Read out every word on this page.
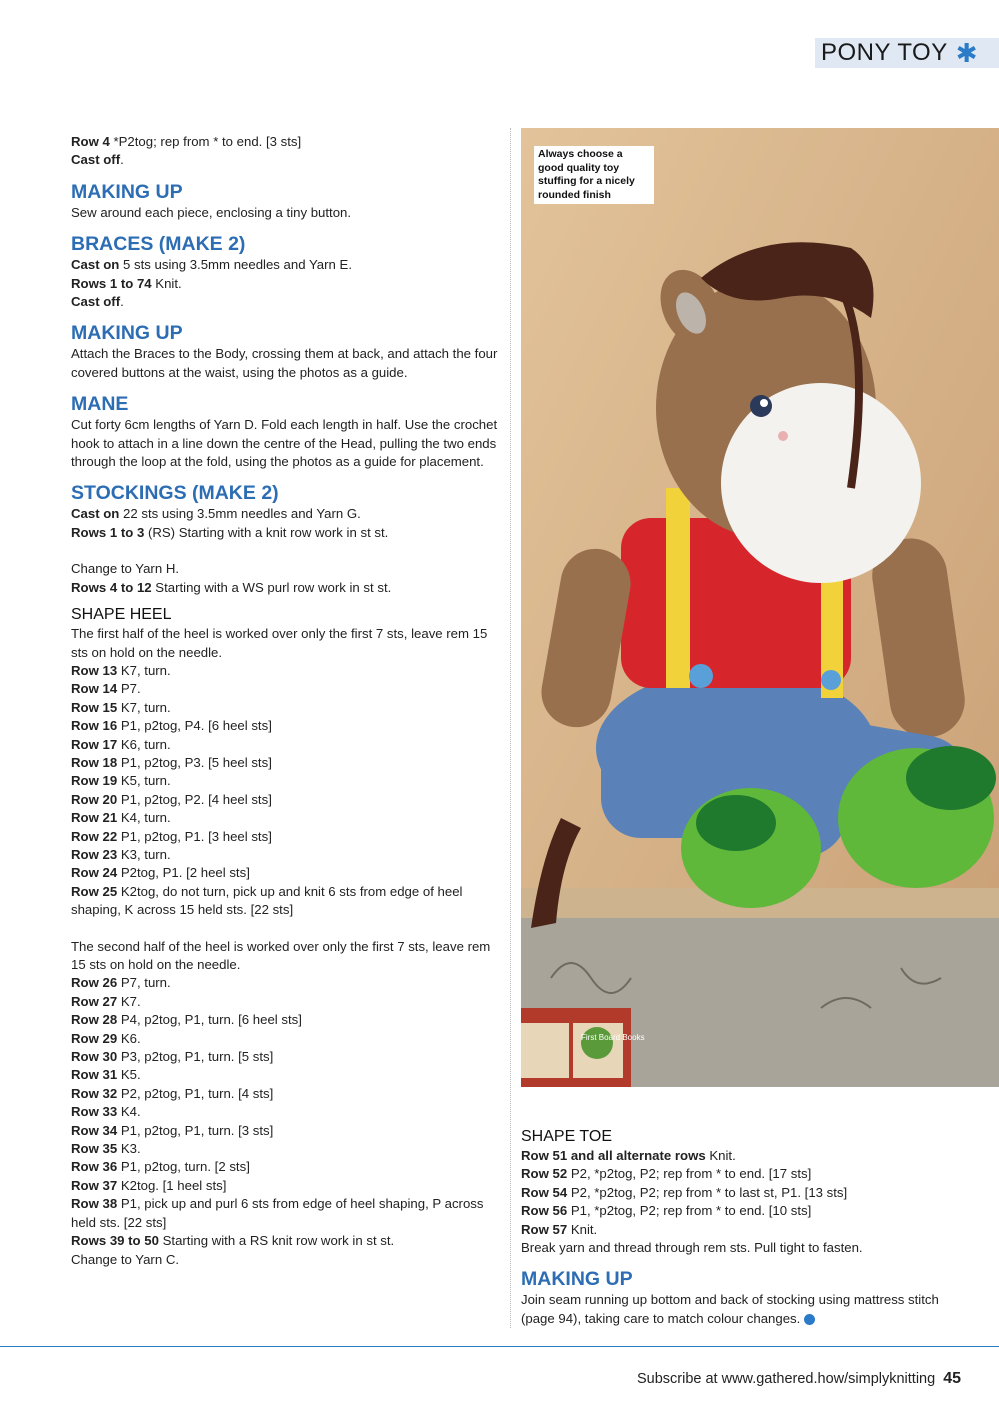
PONY TOY ✱
Row 4 *P2tog; rep from * to end. [3 sts]
Cast off.
MAKING UP
Sew around each piece, enclosing a tiny button.
BRACES (MAKE 2)
Cast on 5 sts using 3.5mm needles and Yarn E.
Rows 1 to 74 Knit.
Cast off.
MAKING UP
Attach the Braces to the Body, crossing them at back, and attach the four covered buttons at the waist, using the photos as a guide.
MANE
Cut forty 6cm lengths of Yarn D. Fold each length in half. Use the crochet hook to attach in a line down the centre of the Head, pulling the two ends through the loop at the fold, using the photos as a guide for placement.
STOCKINGS (MAKE 2)
Cast on 22 sts using 3.5mm needles and Yarn G.
Rows 1 to 3 (RS) Starting with a knit row work in st st.
Change to Yarn H.
Rows 4 to 12 Starting with a WS purl row work in st st.
SHAPE HEEL
The first half of the heel is worked over only the first 7 sts, leave rem 15 sts on hold on the needle.
Row 13 K7, turn.
Row 14 P7.
Row 15 K7, turn.
Row 16 P1, p2tog, P4. [6 heel sts]
Row 17 K6, turn.
Row 18 P1, p2tog, P3. [5 heel sts]
Row 19 K5, turn.
Row 20 P1, p2tog, P2. [4 heel sts]
Row 21 K4, turn.
Row 22 P1, p2tog, P1. [3 heel sts]
Row 23 K3, turn.
Row 24 P2tog, P1. [2 heel sts]
Row 25 K2tog, do not turn, pick up and knit 6 sts from edge of heel shaping, K across 15 held sts. [22 sts]
The second half of the heel is worked over only the first 7 sts, leave rem 15 sts on hold on the needle.
Row 26 P7, turn.
Row 27 K7.
Row 28 P4, p2tog, P1, turn. [6 heel sts]
Row 29 K6.
Row 30 P3, p2tog, P1, turn. [5 sts]
Row 31 K5.
Row 32 P2, p2tog, P1, turn. [4 sts]
Row 33 K4.
Row 34 P1, p2tog, P1, turn. [3 sts]
Row 35 K3.
Row 36 P1, p2tog, turn. [2 sts]
Row 37 K2tog. [1 heel sts]
Row 38 P1, pick up and purl 6 sts from edge of heel shaping, P across held sts. [22 sts]
Rows 39 to 50 Starting with a RS knit row work in st st.
Change to Yarn C.
First Board Books
Always choose a good quality toy stuffing for a nicely rounded finish
SHAPE TOE
Row 51 and all alternate rows Knit.
Row 52 P2, *p2tog, P2; rep from * to end. [17 sts]
Row 54 P2, *p2tog, P2; rep from * to last st, P1. [13 sts]
Row 56 P1, *p2tog, P2; rep from * to end. [10 sts]
Row 57 Knit.
Break yarn and thread through rem sts. Pull tight to fasten.
MAKING UP
Join seam running up bottom and back of stocking using mattress stitch (page 94), taking care to match colour changes.
Subscribe at www.gathered.how/simplyknitting 45
